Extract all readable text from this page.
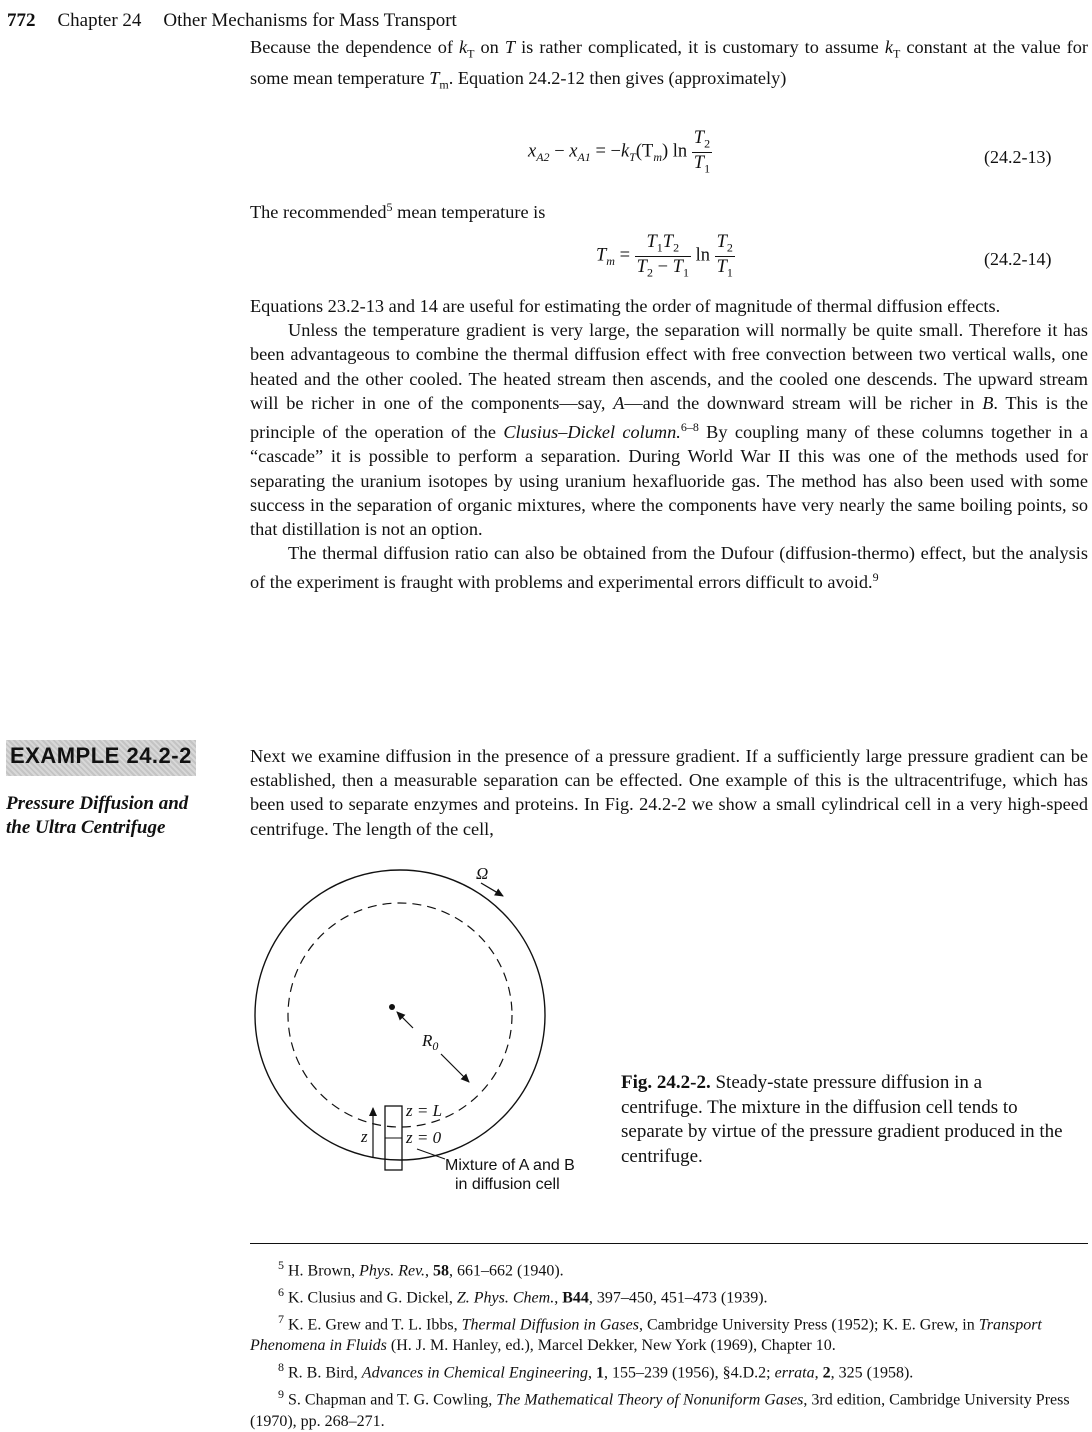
772 Chapter 24 Other Mechanisms for Mass Transport

Because the dependence of $k_T$ on T is rather complicated, it is customary to assume $k_T$ constant at the value for some mean temperature $T_m$. Equation 24.2-12 then gives (approximately)

$x_{A2} - x_{A1} = -k_T(T_m)$ $\ln \frac{T_2}{T_1}$	(24.2-13)

The recommended$^5$ mean temperature is

$T_m = \frac{T_1T_2}{T_2 - T_1}$ $\ln \frac{T_2}{T_1}$	(24.2-14)

Equations 23.2-13 and 14 are useful for estimating the order of magnitude of thermal diffusion effects.

Unless the temperature gradient is very large, the separation will normally be quite small. Therefore it has been advantageous to combine the thermal diffusion effect with free convection between two vertical walls, one heated and the other cooled. The heated stream then ascends, and the cooled one descends. The upward stream will be richer in one of the components—say, A—and the downward stream will be richer in B. This is the principle of the operation of the Clusius–Dickel column.$^{6-8}$ By coupling many of these columns together in a “cascade” it is possible to perform a separation. During World War II this was one of the methods used for separating the uranium isotopes by using uranium hexafluoride gas. The method has also been used with some success in the separation of organic mixtures, where the components have very nearly the same boiling points, so that distillation is not an option.

The thermal diffusion ratio can also be obtained from the Dufour (diffusion-thermo) effect, but the analysis of the experiment is fraught with problems and experimental errors difficult to avoid.$^9$

EXAMPLE 24.2-2
Pressure Diffusion and
the Ultra Centrifuge
Next we examine diffusion in the presence of a pressure gradient. If a sufficiently large pressure gradient can be established, then a measurable separation can be effected. One example of this is the ultracentrifuge, which has been used to separate enzymes and proteins. In Fig. 24.2-2 we show a small cylindrical cell in a very high-speed centrifuge. The length of the cell,
Ω
$R_0$
z
z = L
z = 0
Mixture of A and B
in diffusion cell
Fig. 24.2-2. Steady-state pressure diffusion in a centrifuge. The mixture in the diffusion cell tends to separate by virtue of the pressure gradient produced in the centrifuge.

$^5$ H. Brown, Phys. Rev., 58, 661–662 (1940).

$^6$ K. Clusius and G. Dickel, Z. Phys. Chem., B44, 397–450, 451–473 (1939).

$^7$ K. E. Grew and T. L. Ibbs, Thermal Diffusion in Gases, Cambridge University Press (1952); K. E. Grew, in Transport Phenomena in Fluids (H. J. M. Hanley, ed.), Marcel Dekker, New York (1969), Chapter 10.

$^8$ R. B. Bird, Advances in Chemical Engineering, 1, 155–239 (1956), §4.D.2; errata, 2, 325 (1958).

$^9$ S. Chapman and T. G. Cowling, The Mathematical Theory of Nonuniform Gases, 3rd edition, Cambridge University Press (1970), pp. 268–271.
